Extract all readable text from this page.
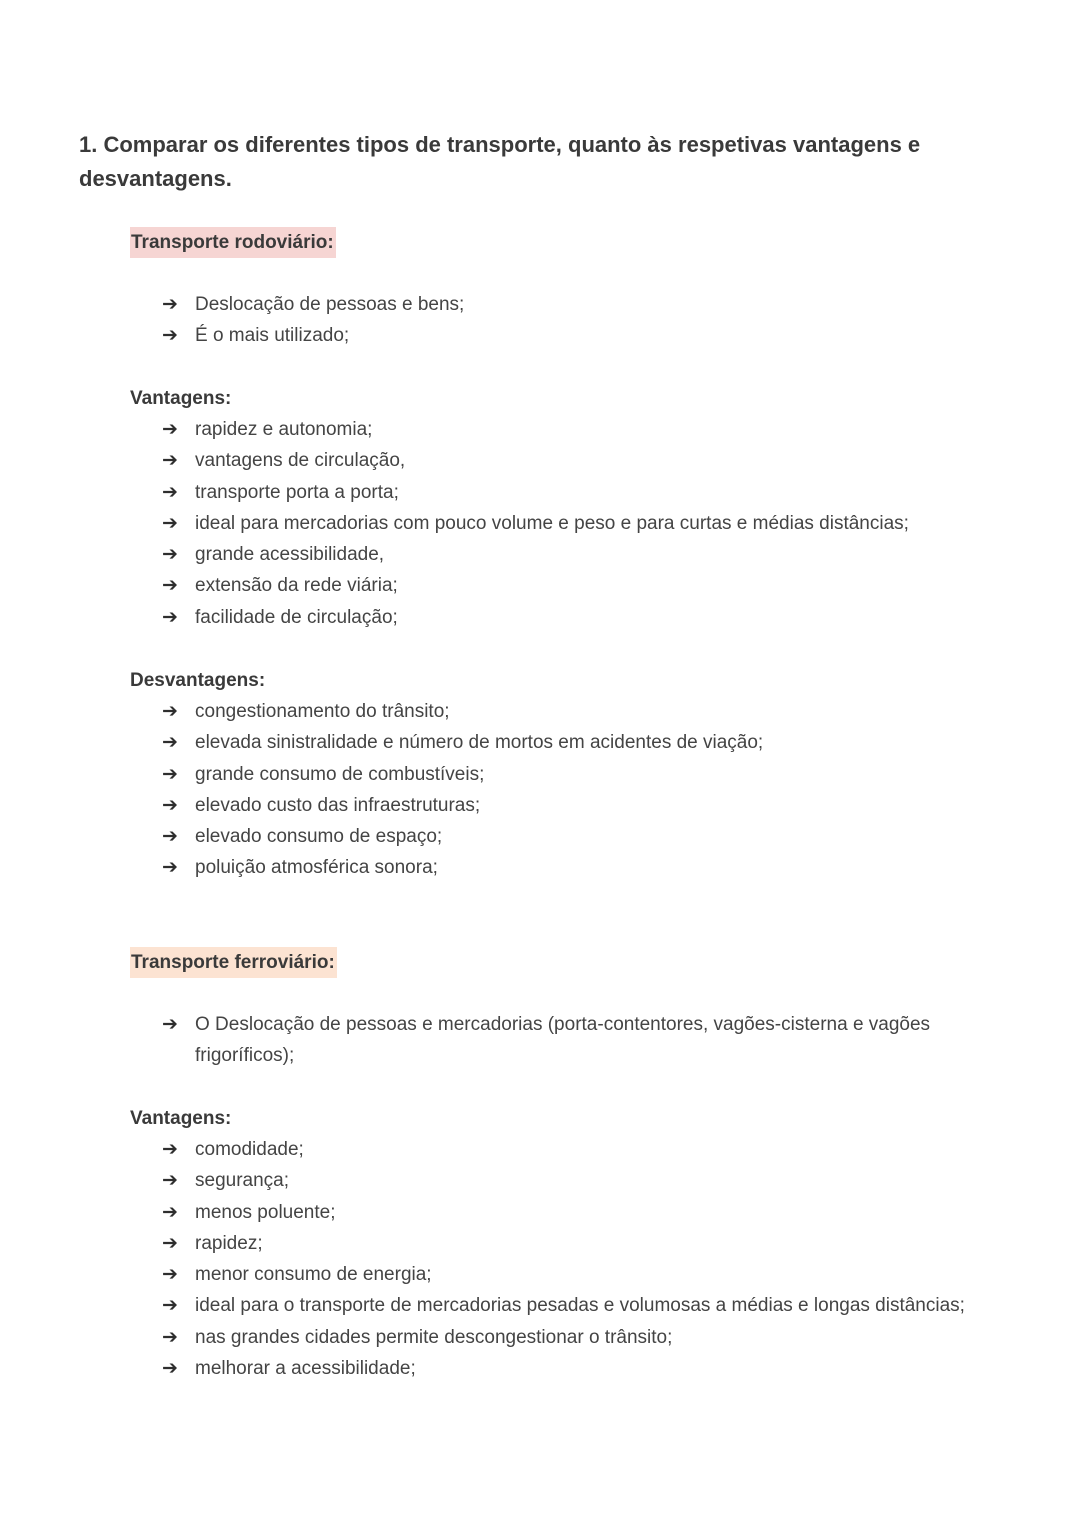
1. Comparar os diferentes tipos de transporte, quanto às respetivas vantagens e desvantagens.
Transporte rodoviário:
➔ Deslocação de pessoas e bens;
➔ É o mais utilizado;
Vantagens:
➔ rapidez e autonomia;
➔ vantagens de circulação,
➔ transporte porta a porta;
➔ ideal para mercadorias com pouco volume e peso e para curtas e médias distâncias;
➔ grande acessibilidade,
➔ extensão da rede viária;
➔ facilidade de circulação;
Desvantagens:
➔ congestionamento do trânsito;
➔ elevada sinistralidade e número de mortos em acidentes de viação;
➔ grande consumo de combustíveis;
➔ elevado custo das infraestruturas;
➔ elevado consumo de espaço;
➔ poluição atmosférica sonora;
Transporte ferroviário:
➔ O Deslocação de pessoas e mercadorias (porta-contentores, vagões-cisterna e vagões frigoríficos);
Vantagens:
➔ comodidade;
➔ segurança;
➔ menos poluente;
➔ rapidez;
➔ menor consumo de energia;
➔ ideal para o transporte de mercadorias pesadas e volumosas a médias e longas distâncias;
➔ nas grandes cidades permite descongestionar o trânsito;
➔ melhorar a acessibilidade;
